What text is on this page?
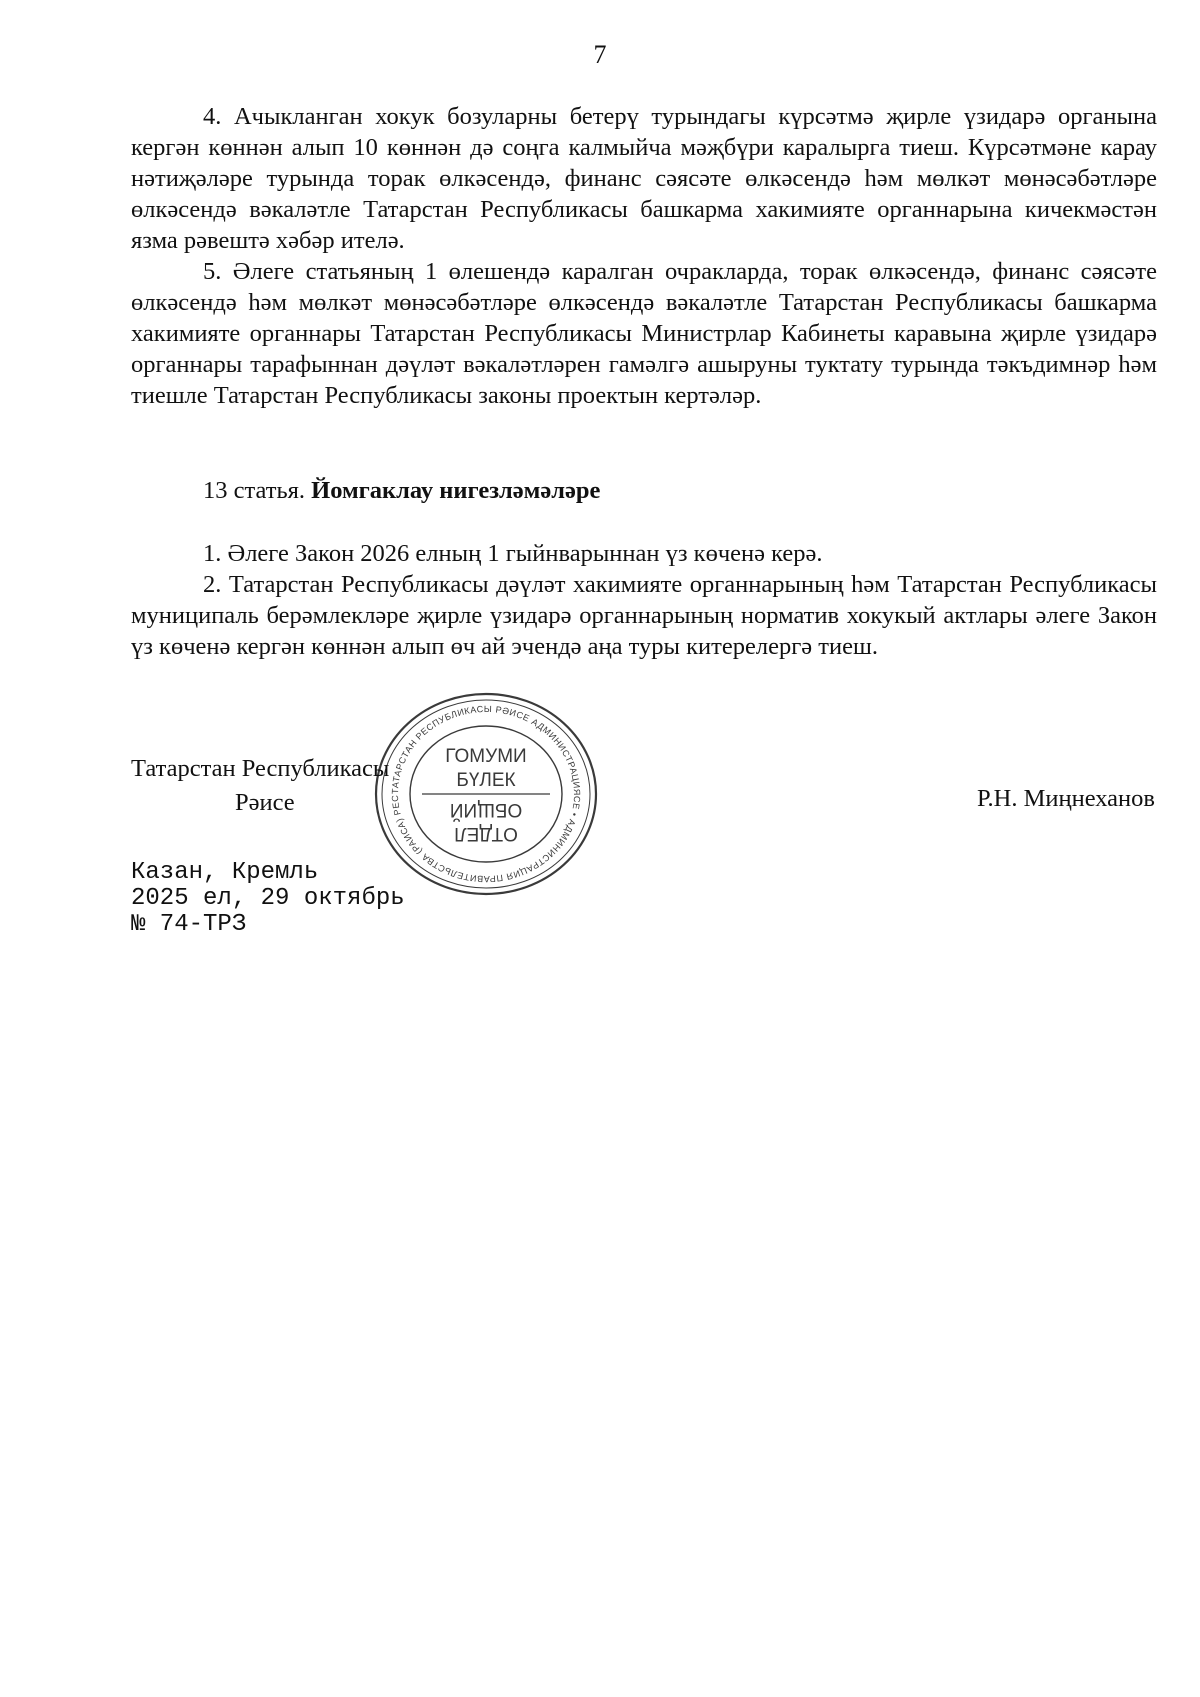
7

4. Ачыкланган хокук бозуларны бетерү турындагы күрсәтмә җирле үзидарә органына кергән көннән алып 10 көннән дә соңга калмыйча мәҗбүри каралырга тиеш. Күрсәтмәне карау нәтиҗәләре турында торак өлкәсендә, финанс сәясәте өлкәсендә һәм мөлкәт мөнәсәбәтләре өлкәсендә вәкаләтле Татарстан Республикасы башкарма хакимияте органнарына кичекмәстән язма рәвештә хәбәр ителә.

5. Әлеге статьяның 1 өлешендә каралган очракларда, торак өлкәсендә, финанс сәясәте өлкәсендә һәм мөлкәт мөнәсәбәтләре өлкәсендә вәкаләтле Татарстан Республикасы башкарма хакимияте органнары Татарстан Республикасы Министрлар Кабинеты каравына җирле үзидарә органнары тарафыннан дәүләт вәкаләтләрен гамәлгә ашыруны туктату турында тәкъдимнәр һәм тиешле Татарстан Республикасы законы проектын кертәләр.

13 статья. Йомгаклау нигезләмәләре

1. Әлеге Закон 2026 елның 1 гыйнварыннан үз көченә керә.

2. Татарстан Республикасы дәүләт хакимияте органнарының һәм Татарстан Республикасы муниципаль берәмлекләре җирле үзидарә органнарының норматив хокукый актлары әлеге Закон үз көченә кергән көннән алып өч ай эчендә аңа туры китерелергә тиеш.

ТАТАРСТАН РЕСПУБЛИКАСЫ РӘИСЕ АДМИНИСТРАЦИЯСЕ • АДМИНИСТРАЦИЯ ПРАВИТЕЛЬСТВА (РАИСА) РЕС
ГОМУМИ
БҮЛЕК
ОТДЕЛ
ОБЩИЙ
Татарстан Республикасы
Рәисе	Р.Н. Миңнеханов
Казан, Кремль
2025 ел, 29 октябрь
№ 74-ТРЗ
